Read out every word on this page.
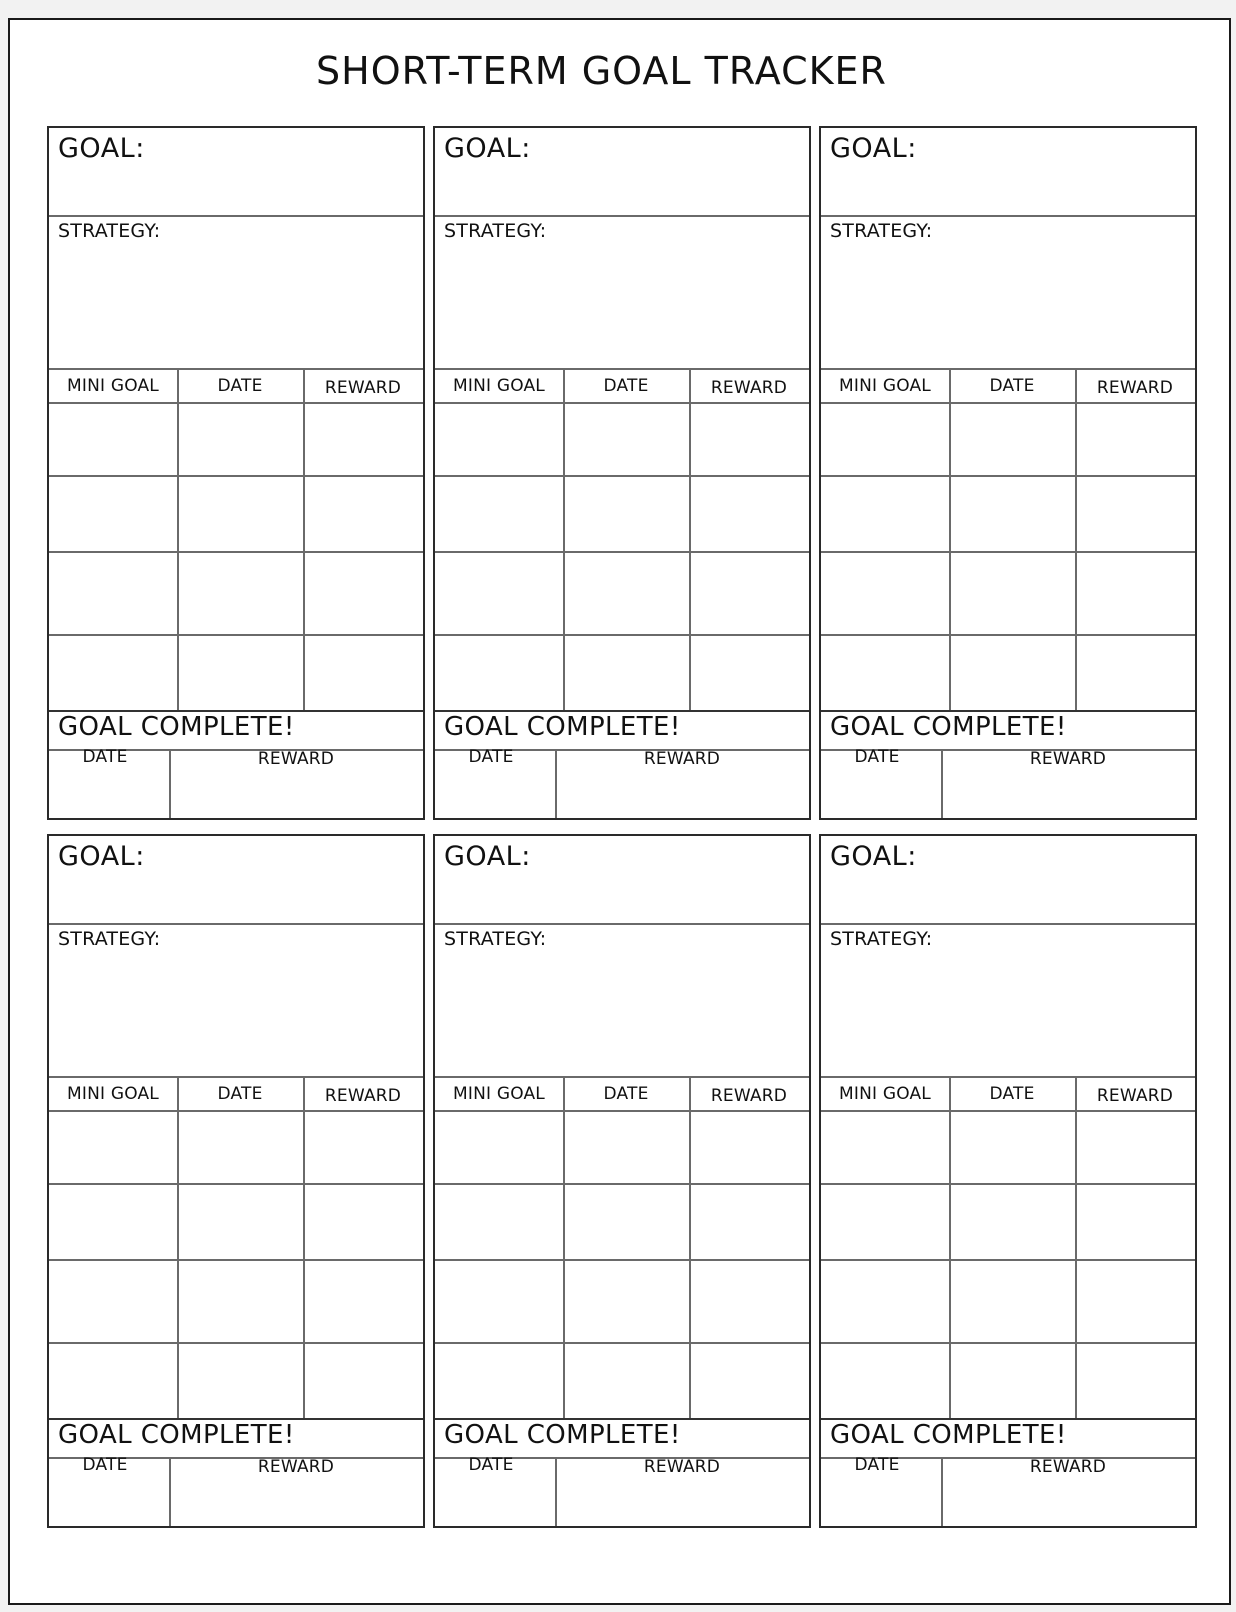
SHORT-TERM GOAL TRACKER
GOAL:
STRATEGY:
MINI GOAL	DATE	REWARD
GOAL COMPLETE!
DATE	REWARD
GOAL:
STRATEGY:
MINI GOAL	DATE	REWARD
GOAL COMPLETE!
DATE	REWARD
GOAL:
STRATEGY:
MINI GOAL	DATE	REWARD
GOAL COMPLETE!
DATE	REWARD
GOAL:
STRATEGY:
MINI GOAL	DATE	REWARD
GOAL COMPLETE!
DATE	REWARD
GOAL:
STRATEGY:
MINI GOAL	DATE	REWARD
GOAL COMPLETE!
DATE	REWARD
GOAL:
STRATEGY:
MINI GOAL	DATE	REWARD
GOAL COMPLETE!
DATE	REWARD
